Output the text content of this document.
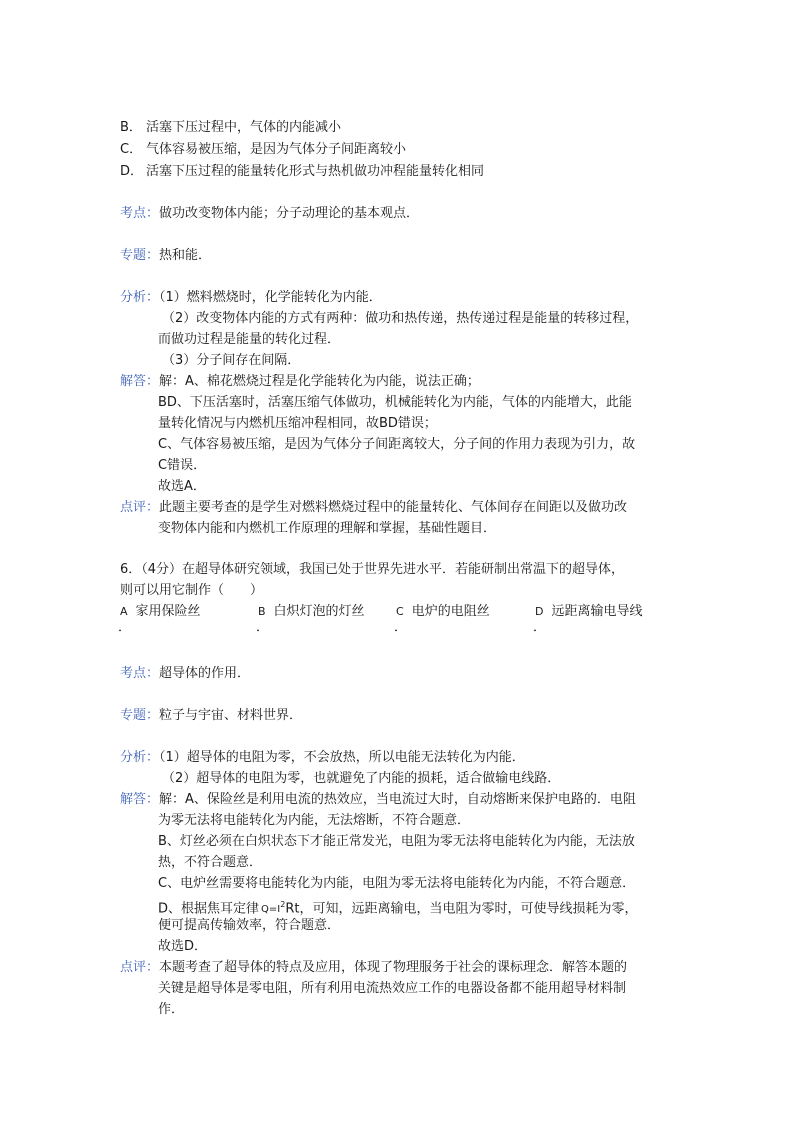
B． 活塞下压过程中，气体的内能减小
C． 气体容易被压缩，是因为气体分子间距离较小
D． 活塞下压过程的能量转化形式与热机做功冲程能量转化相同
考点：做功改变物体内能；分子动理论的基本观点．
专题：热和能．
分析：（1）燃料燃烧时，化学能转化为内能．
（2）改变物体内能的方式有两种：做功和热传递，热传递过程是能量的转移过程，
而做功过程是能量的转化过程．
（3）分子间存在间隔．
解答：解：A、棉花燃烧过程是化学能转化为内能，说法正确；
BD、下压活塞时，活塞压缩气体做功，机械能转化为内能，气体的内能增大，此能
量转化情况与内燃机压缩冲程相同，故BD错误；
C、气体容易被压缩，是因为气体分子间距离较大，分子间的作用力表现为引力，故
C错误．
故选A．
点评：此题主要考查的是学生对燃料燃烧过程中的能量转化、气体间存在间距以及做功改
变物体内能和内燃机工作原理的理解和掌握，基础性题目．
6．（4分）在超导体研究领域，我国已处于世界先进水平．若能研制出常温下的超导体，
则可以用它制作（　　）
A 家用保险丝
．
B 白炽灯泡的灯丝
．
C 电炉的电阻丝
．
D 远距离输电导线
．
考点：超导体的作用．
专题：粒子与宇宙、材料世界．
分析：（1）超导体的电阻为零，不会放热，所以电能无法转化为内能．
（2）超导体的电阻为零，也就避免了内能的损耗，适合做输电线路．
解答：解：A、保险丝是利用电流的热效应，当电流过大时，自动熔断来保护电路的．电阻
为零无法将电能转化为内能，无法熔断，不符合题意．
B、灯丝必须在白炽状态下才能正常发光，电阻为零无法将电能转化为内能，无法放
热，不符合题意．
C、电炉丝需要将电能转化为内能，电阻为零无法将电能转化为内能，不符合题意．
D、根据焦耳定律 $Q=I^2Rt$，可知，远距离输电，当电阻为零时，可使导线损耗为零，
便可提高传输效率，符合题意．
故选D．
点评：本题考查了超导体的特点及应用，体现了物理服务于社会的课标理念．解答本题的
关键是超导体是零电阻，所有利用电流热效应工作的电器设备都不能用超导材料制
作．
